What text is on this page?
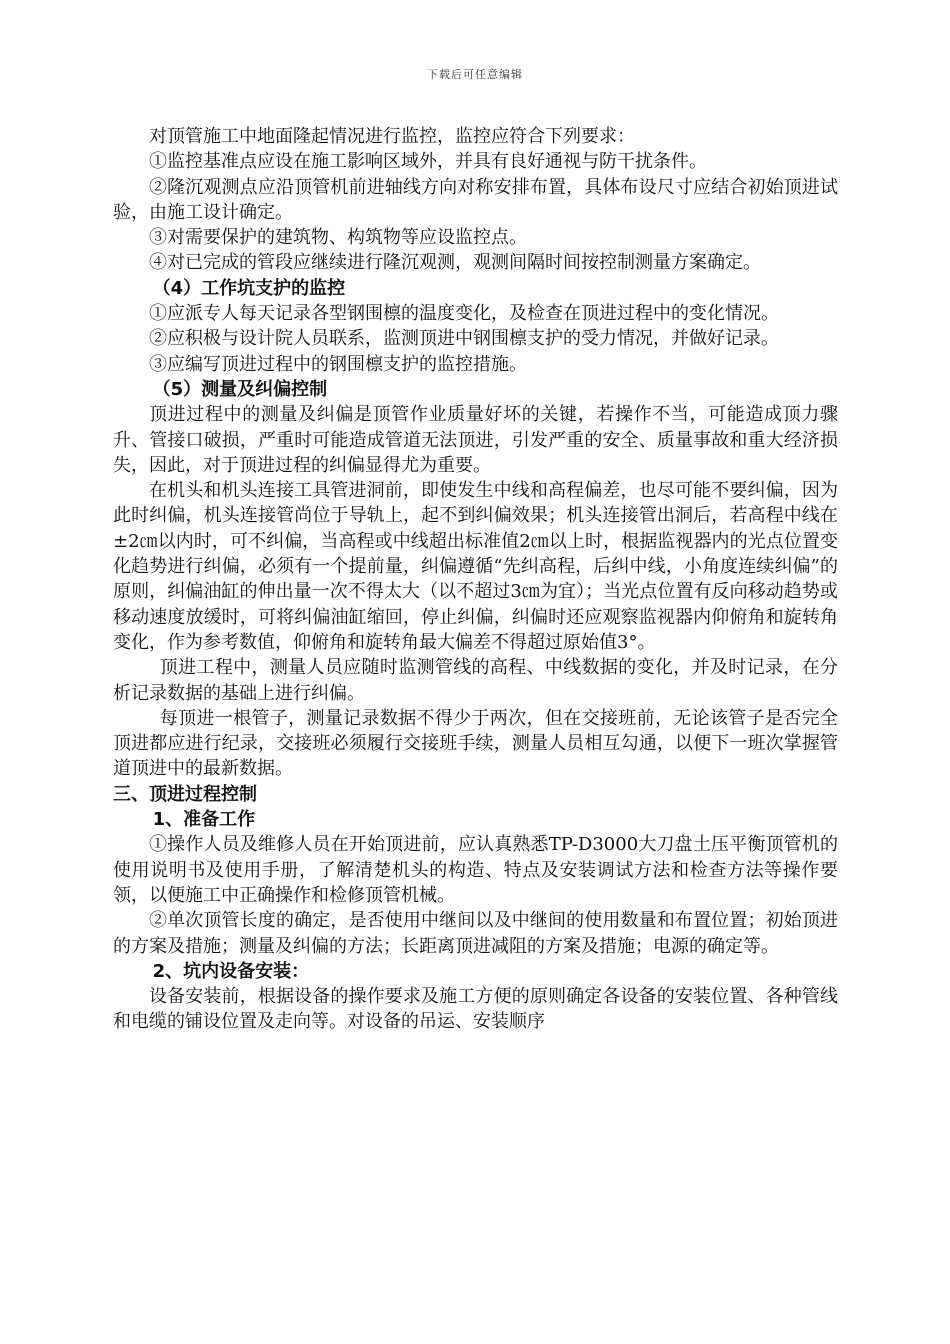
下载后可任意编辑

对顶管施工中地面隆起情况进行监控，监控应符合下列要求：

①监控基准点应设在施工影响区域外，并具有良好通视与防干扰条件。

②隆沉观测点应沿顶管机前进轴线方向对称安排布置，具体布设尺寸应结合初始顶进试验，由施工设计确定。

③对需要保护的建筑物、构筑物等应设监控点。

④对已完成的管段应继续进行隆沉观测，观测间隔时间按控制测量方案确定。

（4）工作坑支护的监控

①应派专人每天记录各型钢围檩的温度变化，及检查在顶进过程中的变化情况。

②应积极与设计院人员联系，监测顶进中钢围檩支护的受力情况，并做好记录。

③应编写顶进过程中的钢围檩支护的监控措施。

（5）测量及纠偏控制

顶进过程中的测量及纠偏是顶管作业质量好坏的关键，若操作不当，可能造成顶力骤升、管接口破损，严重时可能造成管道无法顶进，引发严重的安全、质量事故和重大经济损失，因此，对于顶进过程的纠偏显得尤为重要。

在机头和机头连接工具管进洞前，即使发生中线和高程偏差，也尽可能不要纠偏，因为此时纠偏，机头连接管尚位于导轨上，起不到纠偏效果；机头连接管出洞后，若高程中线在±2㎝以内时，可不纠偏，当高程或中线超出标准值2㎝以上时，根据监视器内的光点位置变化趋势进行纠偏，必须有一个提前量，纠偏遵循“先纠高程，后纠中线，小角度连续纠偏”的原则，纠偏油缸的伸出量一次不得太大（以不超过3㎝为宜）；当光点位置有反向移动趋势或移动速度放缓时，可将纠偏油缸缩回，停止纠偏，纠偏时还应观察监视器内仰俯角和旋转角变化，作为参考数值，仰俯角和旋转角最大偏差不得超过原始值3°。

顶进工程中，测量人员应随时监测管线的高程、中线数据的变化，并及时记录，在分析记录数据的基础上进行纠偏。

每顶进一根管子，测量记录数据不得少于两次，但在交接班前，无论该管子是否完全顶进都应进行纪录，交接班必须履行交接班手续，测量人员相互勾通，以便下一班次掌握管道顶进中的最新数据。

三、顶进过程控制

1、准备工作

①操作人员及维修人员在开始顶进前，应认真熟悉TP-D3000大刀盘土压平衡顶管机的使用说明书及使用手册，了解清楚机头的构造、特点及安装调试方法和检查方法等操作要领，以便施工中正确操作和检修顶管机械。

②单次顶管长度的确定，是否使用中继间以及中继间的使用数量和布置位置；初始顶进的方案及措施；测量及纠偏的方法；长距离顶进减阻的方案及措施；电源的确定等。

2、坑内设备安装：

设备安装前，根据设备的操作要求及施工方便的原则确定各设备的安装位置、各种管线和电缆的铺设位置及走向等。对设备的吊运、安装顺序
